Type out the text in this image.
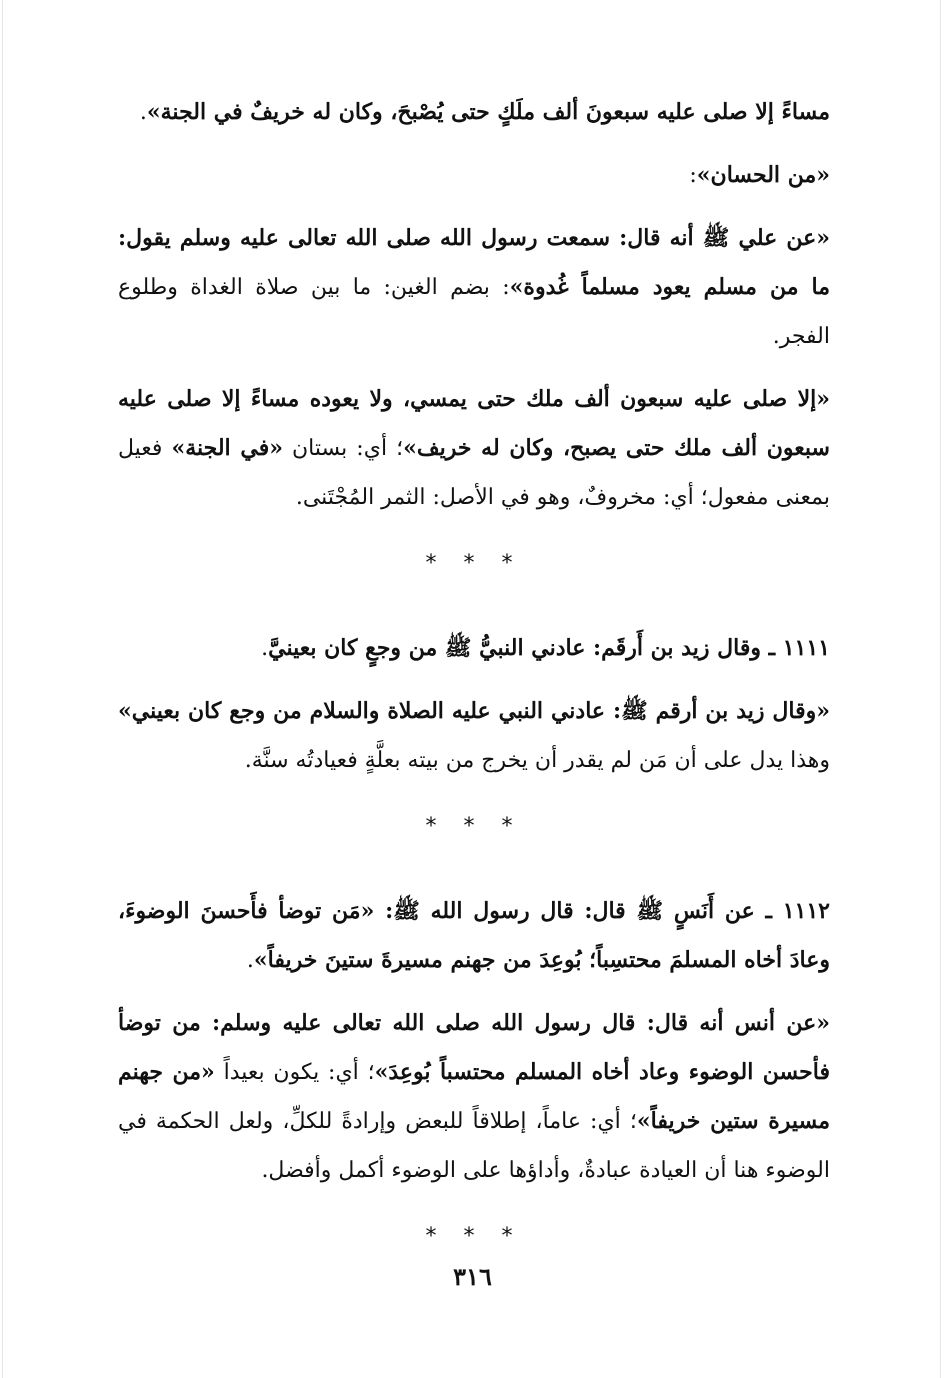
مساءً إلا صلى عليه سبعونَ ألف ملَكٍ حتى يُصْبحَ، وكان له خريفٌ في الجنة».
«من الحسان»:
«عن علي ﷺ أنه قال: سمعت رسول الله صلى الله تعالى عليه وسلم يقول: ما من مسلم يعود مسلماً غُدوة»: بضم الغين: ما بين صلاة الغداة وطلوع الفجر.
«إلا صلى عليه سبعون ألف ملك حتى يمسي، ولا يعوده مساءً إلا صلى عليه سبعون ألف ملك حتى يصبح، وكان له خريف»؛ أي: بستان «في الجنة» فعيل بمعنى مفعول؛ أي: مخروفٌ، وهو في الأصل: الثمر المُجْتَنى.
* * *
١١١١ ـ وقال زيد بن أَرقَم: عادني النبيُّ ﷺ من وجعٍ كان بعينيَّ.
«وقال زيد بن أرقم ﷺ: عادني النبي عليه الصلاة والسلام من وجع كان بعيني» وهذا يدل على أن مَن لم يقدر أن يخرج من بيته بعلَّةٍ فعيادتُه سنَّة.
* * *
١١١٢ ـ عن أَنَسٍ ﷺ قال: قال رسول الله ﷺ: «مَن توضأ فأَحسنَ الوضوءَ، وعادَ أخاه المسلمَ محتسِباً؛ بُوعِدَ من جهنم مسيرةَ ستينَ خريفاً».
«عن أنس أنه قال: قال رسول الله صلى الله تعالى عليه وسلم: من توضأ فأحسن الوضوء وعاد أخاه المسلم محتسباً بُوعِدَ»؛ أي: يكون بعيداً «من جهنم مسيرة ستين خريفاً»؛ أي: عاماً، إطلاقاً للبعض وإرادةً للكلِّ، ولعل الحكمة في الوضوء هنا أن العيادة عبادةٌ، وأداؤها على الوضوء أكمل وأفضل.
* * *
٣١٦
